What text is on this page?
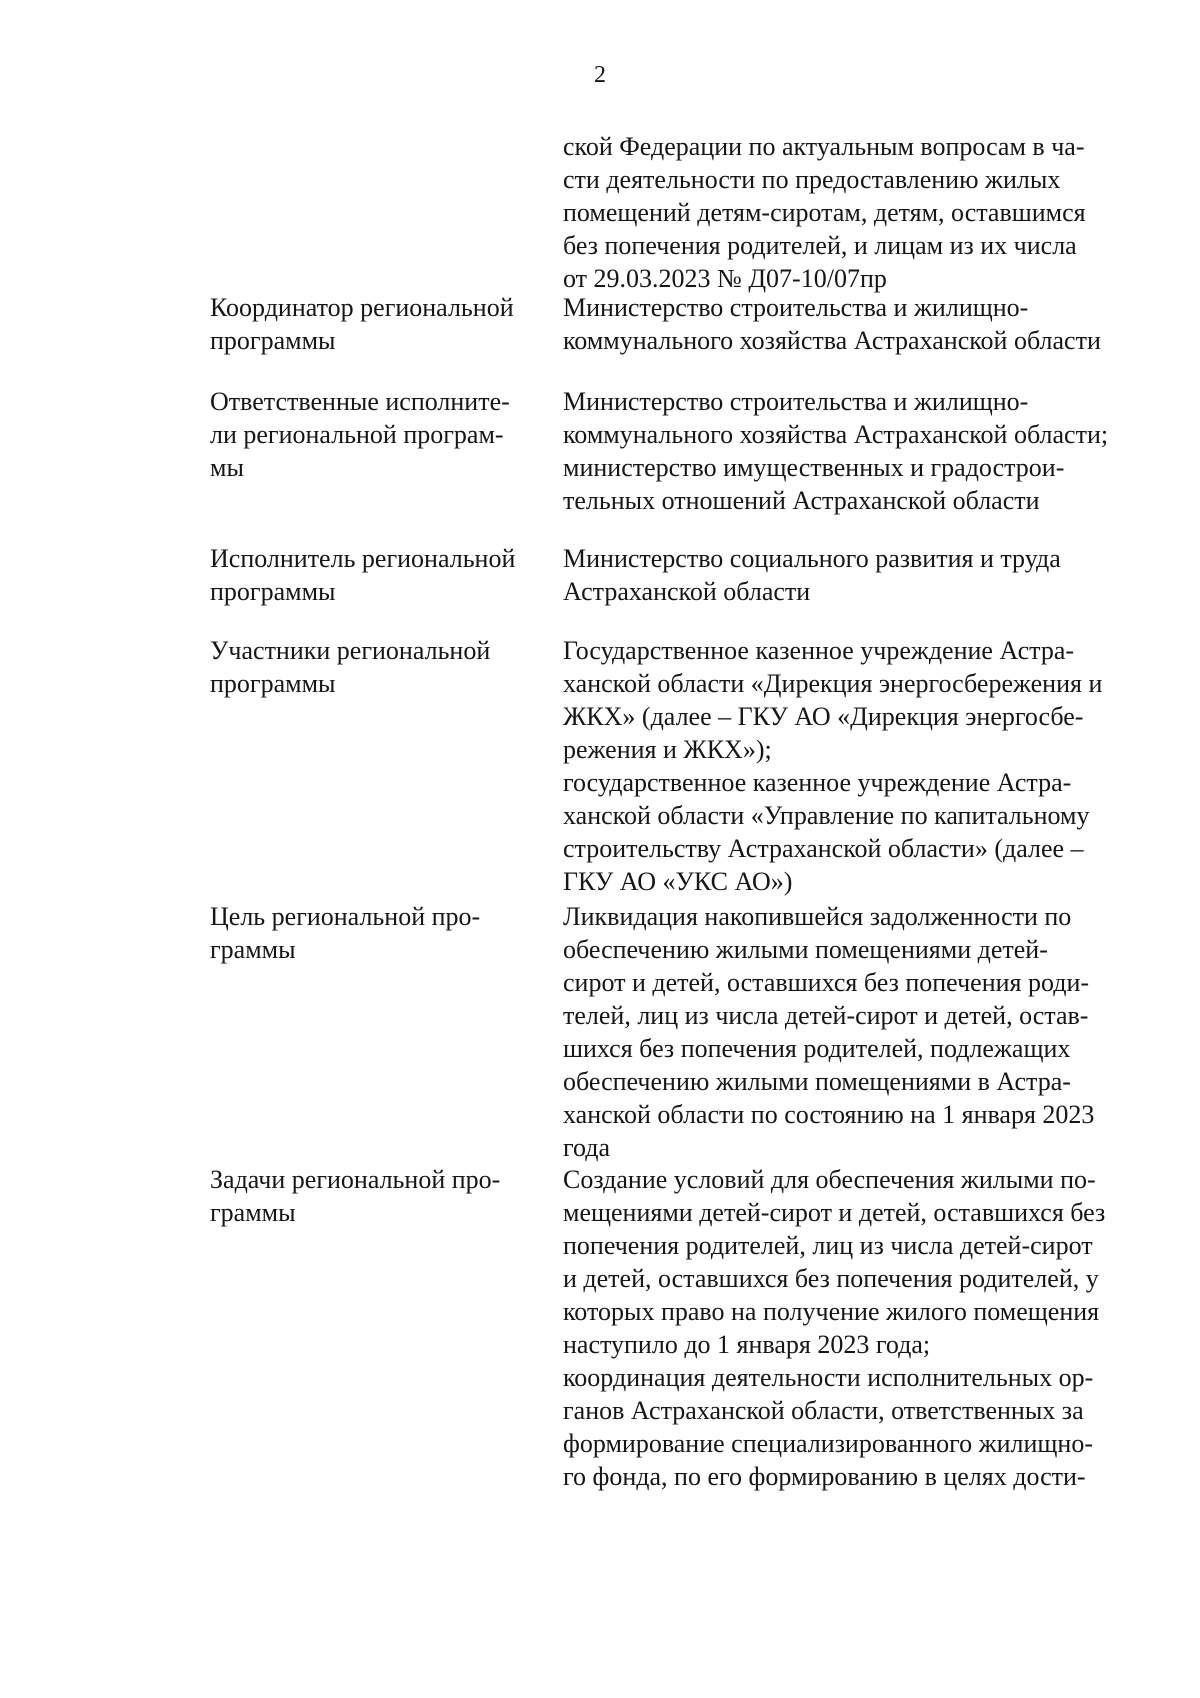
2
ской Федерации по актуальным вопросам в ча-
сти деятельности по предоставлению жилых
помещений детям-сиротам, детям, оставшимся
без попечения родителей, и лицам из их числа
от 29.03.2023 № Д07-10/07пр
Координатор региональной
программы
Министерство строительства и жилищно-
коммунального хозяйства Астраханской области
Ответственные исполните-
ли региональной програм-
мы
Министерство строительства и жилищно-
коммунального хозяйства Астраханской области;
министерство имущественных и градострои-
тельных отношений Астраханской области
Исполнитель региональной
программы
Министерство социального развития и труда
Астраханской области
Участники региональной
программы
Государственное казенное учреждение Астра-
ханской области «Дирекция энергосбережения и
ЖКХ» (далее – ГКУ АО «Дирекция энергосбе-
режения и ЖКХ»);
государственное казенное учреждение Астра-
ханской области «Управление по капитальному
строительству Астраханской области» (далее –
ГКУ АО «УКС АО»)
Цель региональной про-
граммы
Ликвидация накопившейся задолженности по
обеспечению жилыми помещениями детей-
сирот и детей, оставшихся без попечения роди-
телей, лиц из числа детей-сирот и детей, остав-
шихся без попечения родителей, подлежащих
обеспечению жилыми помещениями в Астра-
ханской области по состоянию на 1 января 2023
года
Задачи региональной про-
граммы
Создание условий для обеспечения жилыми по-
мещениями детей-сирот и детей, оставшихся без
попечения родителей, лиц из числа детей-сирот
и детей, оставшихся без попечения родителей, у
которых право на получение жилого помещения
наступило до 1 января 2023 года;
координация деятельности исполнительных ор-
ганов Астраханской области, ответственных за
формирование специализированного жилищно-
го фонда, по его формированию в целях дости-
